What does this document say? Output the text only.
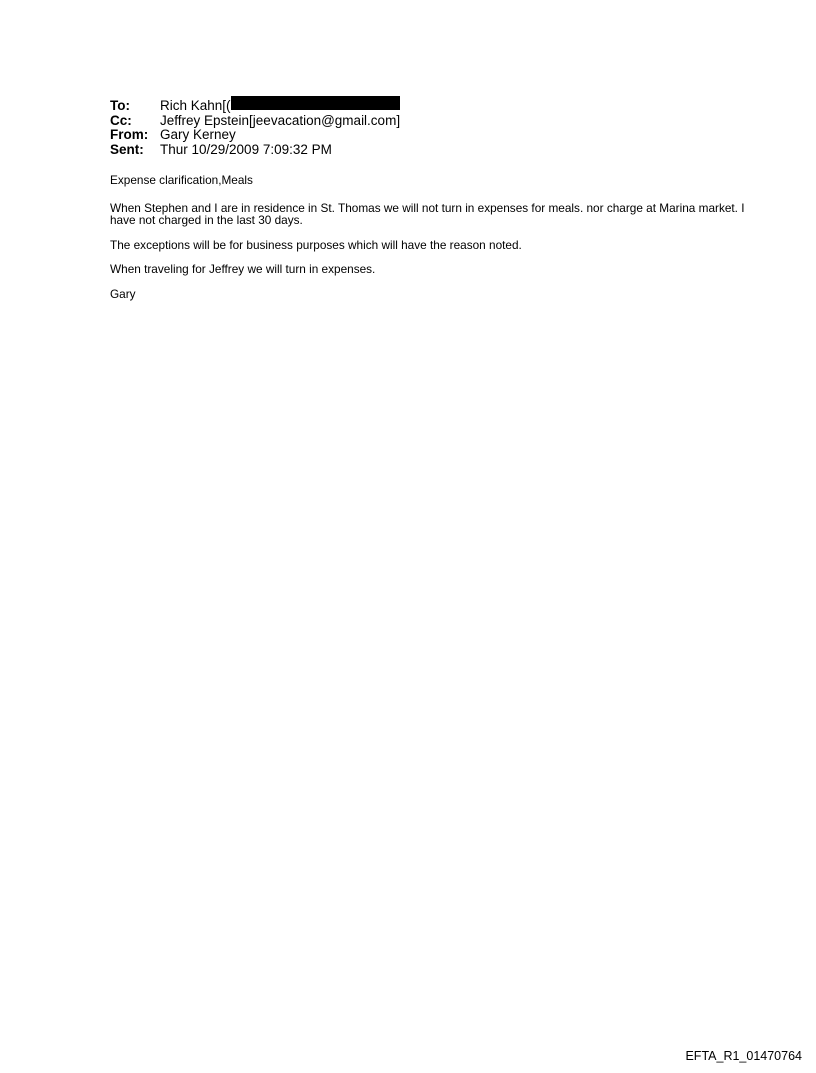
To:	Rich Kahn[ (
Cc:	Jeffrey Epstein[jeevacation@gmail.com]
From: Gary Kerney
Sent:	Thur 10/29/2009 7:09:32 PM

Expense clarification,Meals

When Stephen and I are in residence in St. Thomas we will not turn in expenses for meals. nor charge at Marina market. I have not charged in the last 30 days.

The exceptions will be for business purposes which will have the reason noted.

When traveling for Jeffrey we will turn in expenses.

Gary

EFTA_R1_01470764
